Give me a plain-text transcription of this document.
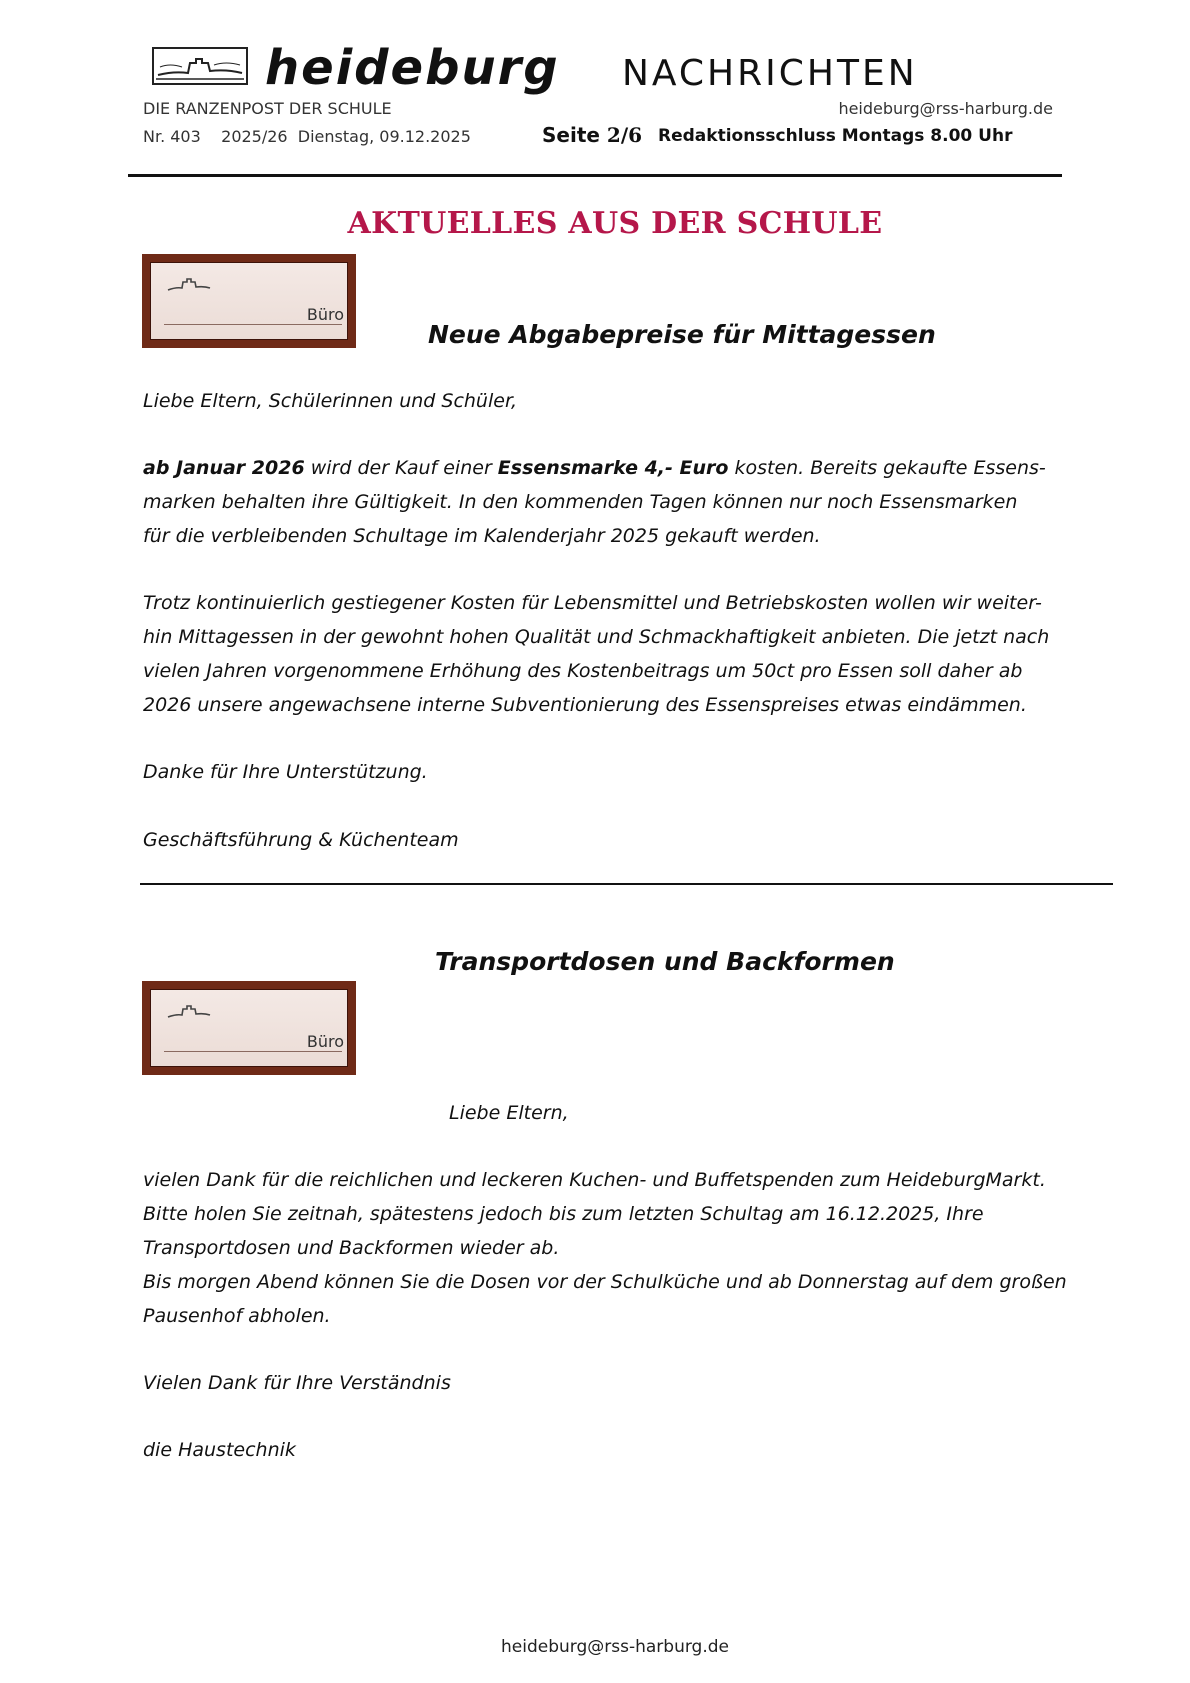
heideburg NACHRICHTEN
DIE RANZENPOST DER SCHULE	heideburg@rss-harburg.de
Nr. 403    2025/26  Dienstag, 09.12.2025	Seite 2/6 Redaktionsschluss Montags 8.00 Uhr
AKTUELLES AUS DER SCHULE
Büro
Neue Abgabepreise für Mittagessen

Liebe Eltern, Schülerinnen und Schüler,

ab Januar 2026 wird der Kauf einer Essensmarke 4,- Euro kosten. Bereits gekaufte Essens-
marken behalten ihre Gültigkeit. In den kommenden Tagen können nur noch Essensmarken
für die verbleibenden Schultage im Kalenderjahr 2025 gekauft werden.
Trotz kontinuierlich gestiegener Kosten für Lebensmittel und Betriebskosten wollen wir weiter-
hin Mittagessen in der gewohnt hohen Qualität und Schmackhaftigkeit anbieten. Die jetzt nach
vielen Jahren vorgenommene Erhöhung des Kostenbeitrags um 50ct pro Essen soll daher ab
2026 unsere angewachsene interne Subventionierung des Essenspreises etwas eindämmen.

Danke für Ihre Unterstützung.

Geschäftsführung & Küchenteam

Transportdosen und Backformen
Büro

Liebe Eltern,

vielen Dank für die reichlichen und leckeren Kuchen- und Buffetspenden zum HeideburgMarkt.
Bitte holen Sie zeitnah, spätestens jedoch bis zum letzten Schultag am 16.12.2025, Ihre
Transportdosen und Backformen wieder ab.
Bis morgen Abend können Sie die Dosen vor der Schulküche und ab Donnerstag auf dem großen
Pausenhof abholen.

Vielen Dank für Ihre Verständnis

die Haustechnik

heideburg@rss-harburg.de
